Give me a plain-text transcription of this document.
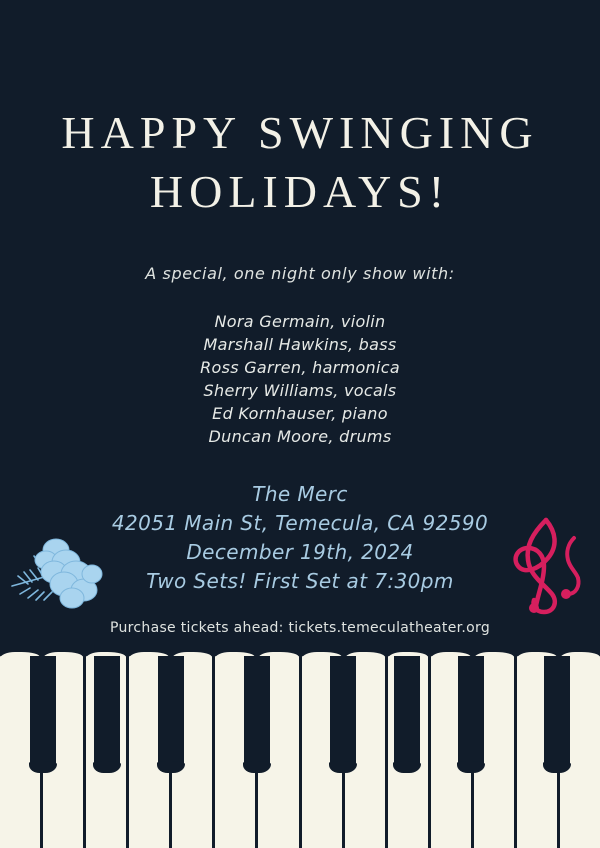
HAPPY SWINGING
HOLIDAYS!
A special, one night only show with:
Nora Germain, violin
Marshall Hawkins, bass
Ross Garren, harmonica
Sherry Williams, vocals
Ed Kornhauser, piano
Duncan Moore, drums
The Merc
42051 Main St, Temecula, CA 92590
December 19th, 2024
Two Sets! First Set at 7:30pm
Purchase tickets ahead: tickets.temeculatheater.org
